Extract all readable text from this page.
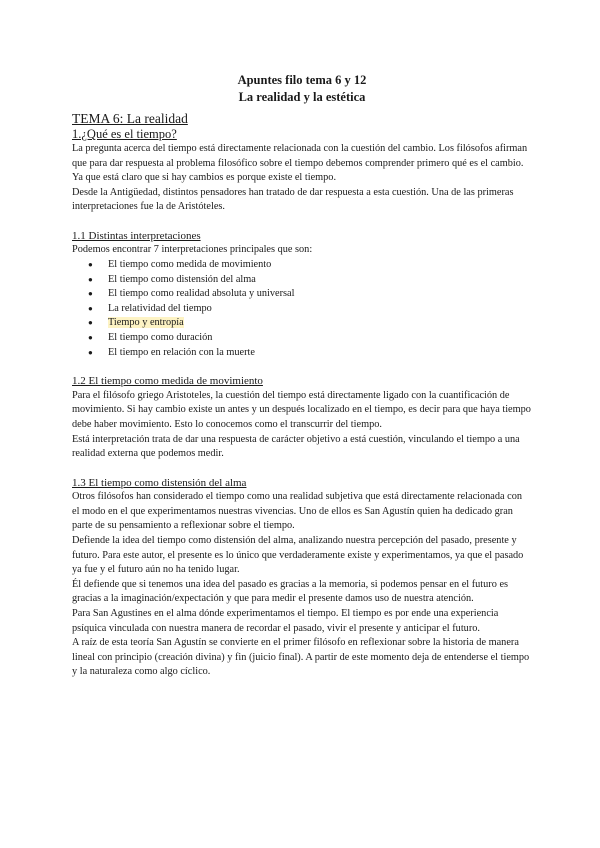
Apuntes filo tema 6 y 12
La realidad y la estética
TEMA 6: La realidad
1.¿Qué es el tiempo?

La pregunta acerca del tiempo está directamente relacionada con la cuestión del cambio. Los filósofos afirman que para dar respuesta al problema filosófico sobre el tiempo debemos comprender primero qué es el cambio. Ya que está claro que si hay cambios es porque existe el tiempo.

Desde la Antigüedad, distintos pensadores han tratado de dar respuesta a esta cuestión. Una de las primeras interpretaciones fue la de Aristóteles.

1.1 Distintas interpretaciones

Podemos encontrar 7 interpretaciones principales que son:

● El tiempo como medida de movimiento
● El tiempo como distensión del alma
● El tiempo como realidad absoluta y universal
● La relatividad del tiempo
● Tiempo y entropía
● El tiempo como duración
● El tiempo en relación con la muerte
1.2 El tiempo como medida de movimiento

Para el filósofo griego Aristoteles, la cuestión del tiempo está directamente ligado con la cuantificación de movimiento. Si hay cambio existe un antes y un después localizado en el tiempo, es decir para que haya tiempo debe haber movimiento. Esto lo conocemos como el transcurrir del tiempo.

Está interpretación trata de dar una respuesta de carácter objetivo a está cuestión, vinculando el tiempo a una realidad externa que podemos medir.

1.3 El tiempo como distensión del alma

Otros filósofos han considerado el tiempo como una realidad subjetiva que está directamente relacionada con el modo en el que experimentamos nuestras vivencias. Uno de ellos es San Agustín quien ha dedicado gran parte de su pensamiento a reflexionar sobre el tiempo.

Defiende la idea del tiempo como distensión del alma, analizando nuestra percepción del pasado, presente y futuro. Para este autor, el presente es lo único que verdaderamente existe y experimentamos, ya que el pasado ya fue y el futuro aún no ha tenido lugar.

Él defiende que si tenemos una idea del pasado es gracias a la memoria, si podemos pensar en el futuro es gracias a la imaginación/expectación y que para medir el presente damos uso de nuestra atención.

Para San Agustines en el alma dónde experimentamos el tiempo. El tiempo es por ende una experiencia psíquica vinculada con nuestra manera de recordar el pasado, vivir el presente y anticipar el futuro.

A raíz de esta teoría San Agustín se convierte en el primer filósofo en reflexionar sobre la historia de manera lineal con principio (creación divina) y fin (juicio final). A partir de este momento deja de entenderse el tiempo y la naturaleza como algo cíclico.
